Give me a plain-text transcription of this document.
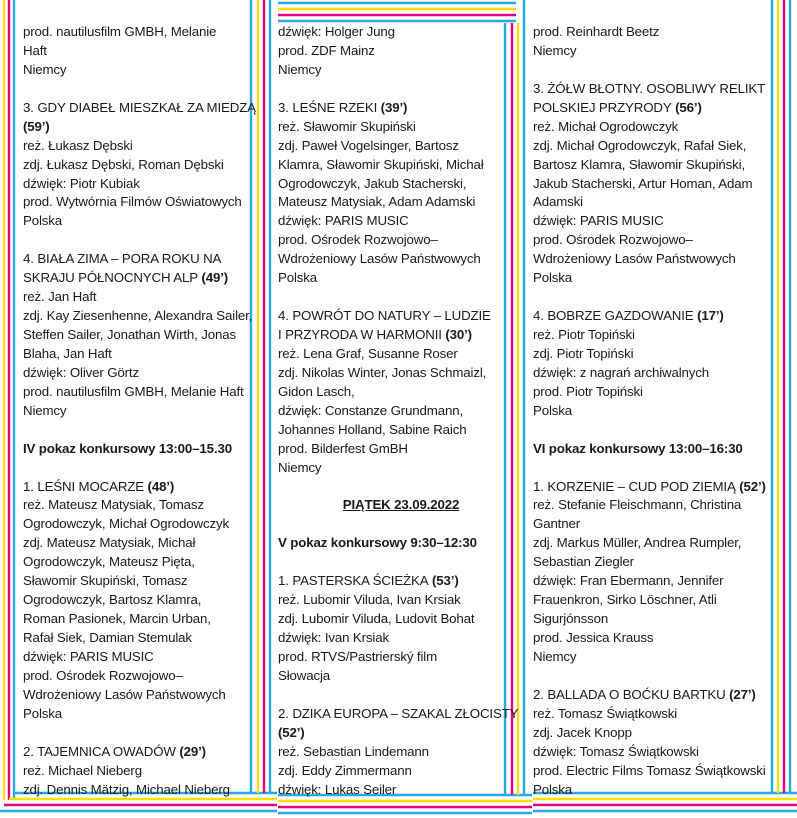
prod. nautilusfilm GMBH, Melanie
Haft
Niemcy
3. GDY DIABEŁ MIESZKAŁ ZA MIEDZĄ
(59’)
reż. Łukasz Dębski
zdj. Łukasz Dębski, Roman Dębski
dźwięk: Piotr Kubiak
prod. Wytwórnia Filmów Oświatowych
Polska
4. BIAŁA ZIMA – PORA ROKU NA
SKRAJU PÓŁNOCNYCH ALP (49’)
reż. Jan Haft
zdj. Kay Ziesenhenne, Alexandra Sailer,
Steffen Sailer, Jonathan Wirth, Jonas
Blaha, Jan Haft
dźwięk: Oliver Görtz
prod. nautilusfilm GMBH, Melanie Haft
Niemcy
IV pokaz konkursowy 13:00–15.30
1. LEŚNI MOCARZE (48’)
reż. Mateusz Matysiak, Tomasz
Ogrodowczyk, Michał Ogrodowczyk
zdj. Mateusz Matysiak, Michał
Ogrodowczyk, Mateusz Pięta,
Sławomir Skupiński, Tomasz
Ogrodowczyk, Bartosz Klamra,
Roman Pasionek, Marcin Urban,
Rafał Siek, Damian Stemulak
dźwięk: PARIS MUSIC
prod. Ośrodek Rozwojowo–
Wdrożeniowy Lasów Państwowych
Polska
2. TAJEMNICA OWADÓW (29’)
reż. Michael Nieberg
zdj. Dennis Mätzig, Michael Nieberg
dźwięk: Holger Jung
prod. ZDF Mainz
Niemcy
3. LEŚNE RZEKI (39’)
reż. Sławomir Skupiński
zdj. Paweł Vogelsinger, Bartosz
Klamra, Sławomir Skupiński, Michał
Ogrodowczyk, Jakub Stacherski,
Mateusz Matysiak, Adam Adamski
dźwięk: PARIS MUSIC
prod. Ośrodek Rozwojowo–
Wdrożeniowy Lasów Państwowych
Polska
4. POWRÓT DO NATURY – LUDZIE
I PRZYRODA W HARMONII (30’)
reż. Lena Graf, Susanne Roser
zdj. Nikolas Winter, Jonas Schmaizl,
Gidon Lasch,
dźwięk: Constanze Grundmann,
Johannes Holland, Sabine Raich
prod. Bilderfest GmBH
Niemcy
PIĄTEK 23.09.2022
V pokaz konkursowy 9:30–12:30
1. PASTERSKA ŚCIEŻKA (53’)
reż. Lubomir Viluda, Ivan Krsiak
zdj. Lubomir Viluda, Ludovit Bohat
dźwięk: Ivan Krsiak
prod. RTVS/Pastrierský film
Słowacja
2. DZIKA EUROPA – SZAKAL ZŁOCISTY
(52’)
reż. Sebastian Lindemann
zdj. Eddy Zimmermann
dźwięk: Lukas Seiler
prod. Reinhardt Beetz
Niemcy
3. ŻÓŁW BŁOTNY. OSOBLIWY RELIKT
POLSKIEJ PRZYRODY (56’)
reż. Michał Ogrodowczyk
zdj. Michał Ogrodowczyk, Rafał Siek,
Bartosz Klamra, Sławomir Skupiński,
Jakub Stacherski, Artur Homan, Adam
Adamski
dźwięk: PARIS MUSIC
prod. Ośrodek Rozwojowo–
Wdrożeniowy Lasów Państwowych
Polska
4. BOBRZE GAZDOWANIE (17’)
reż. Piotr Topiński
zdj. Piotr Topiński
dźwięk: z nagrań archiwalnych
prod. Piotr Topiński
Polska
VI pokaz konkursowy 13:00–16:30
1. KORZENIE – CUD POD ZIEMIĄ (52’)
reż. Stefanie Fleischmann, Christina
Gantner
zdj. Markus Müller, Andrea Rumpler,
Sebastian Ziegler
dźwięk: Fran Ebermann, Jennifer
Frauenkron, Sirko Löschner, Atli
Sigurjónsson
prod. Jessica Krauss
Niemcy
2. BALLADA O BOĆKU BARTKU (27’)
reż. Tomasz Świątkowski
zdj. Jacek Knopp
dźwięk: Tomasz Świątkowski
prod. Electric Films Tomasz Świątkowski
Polska
